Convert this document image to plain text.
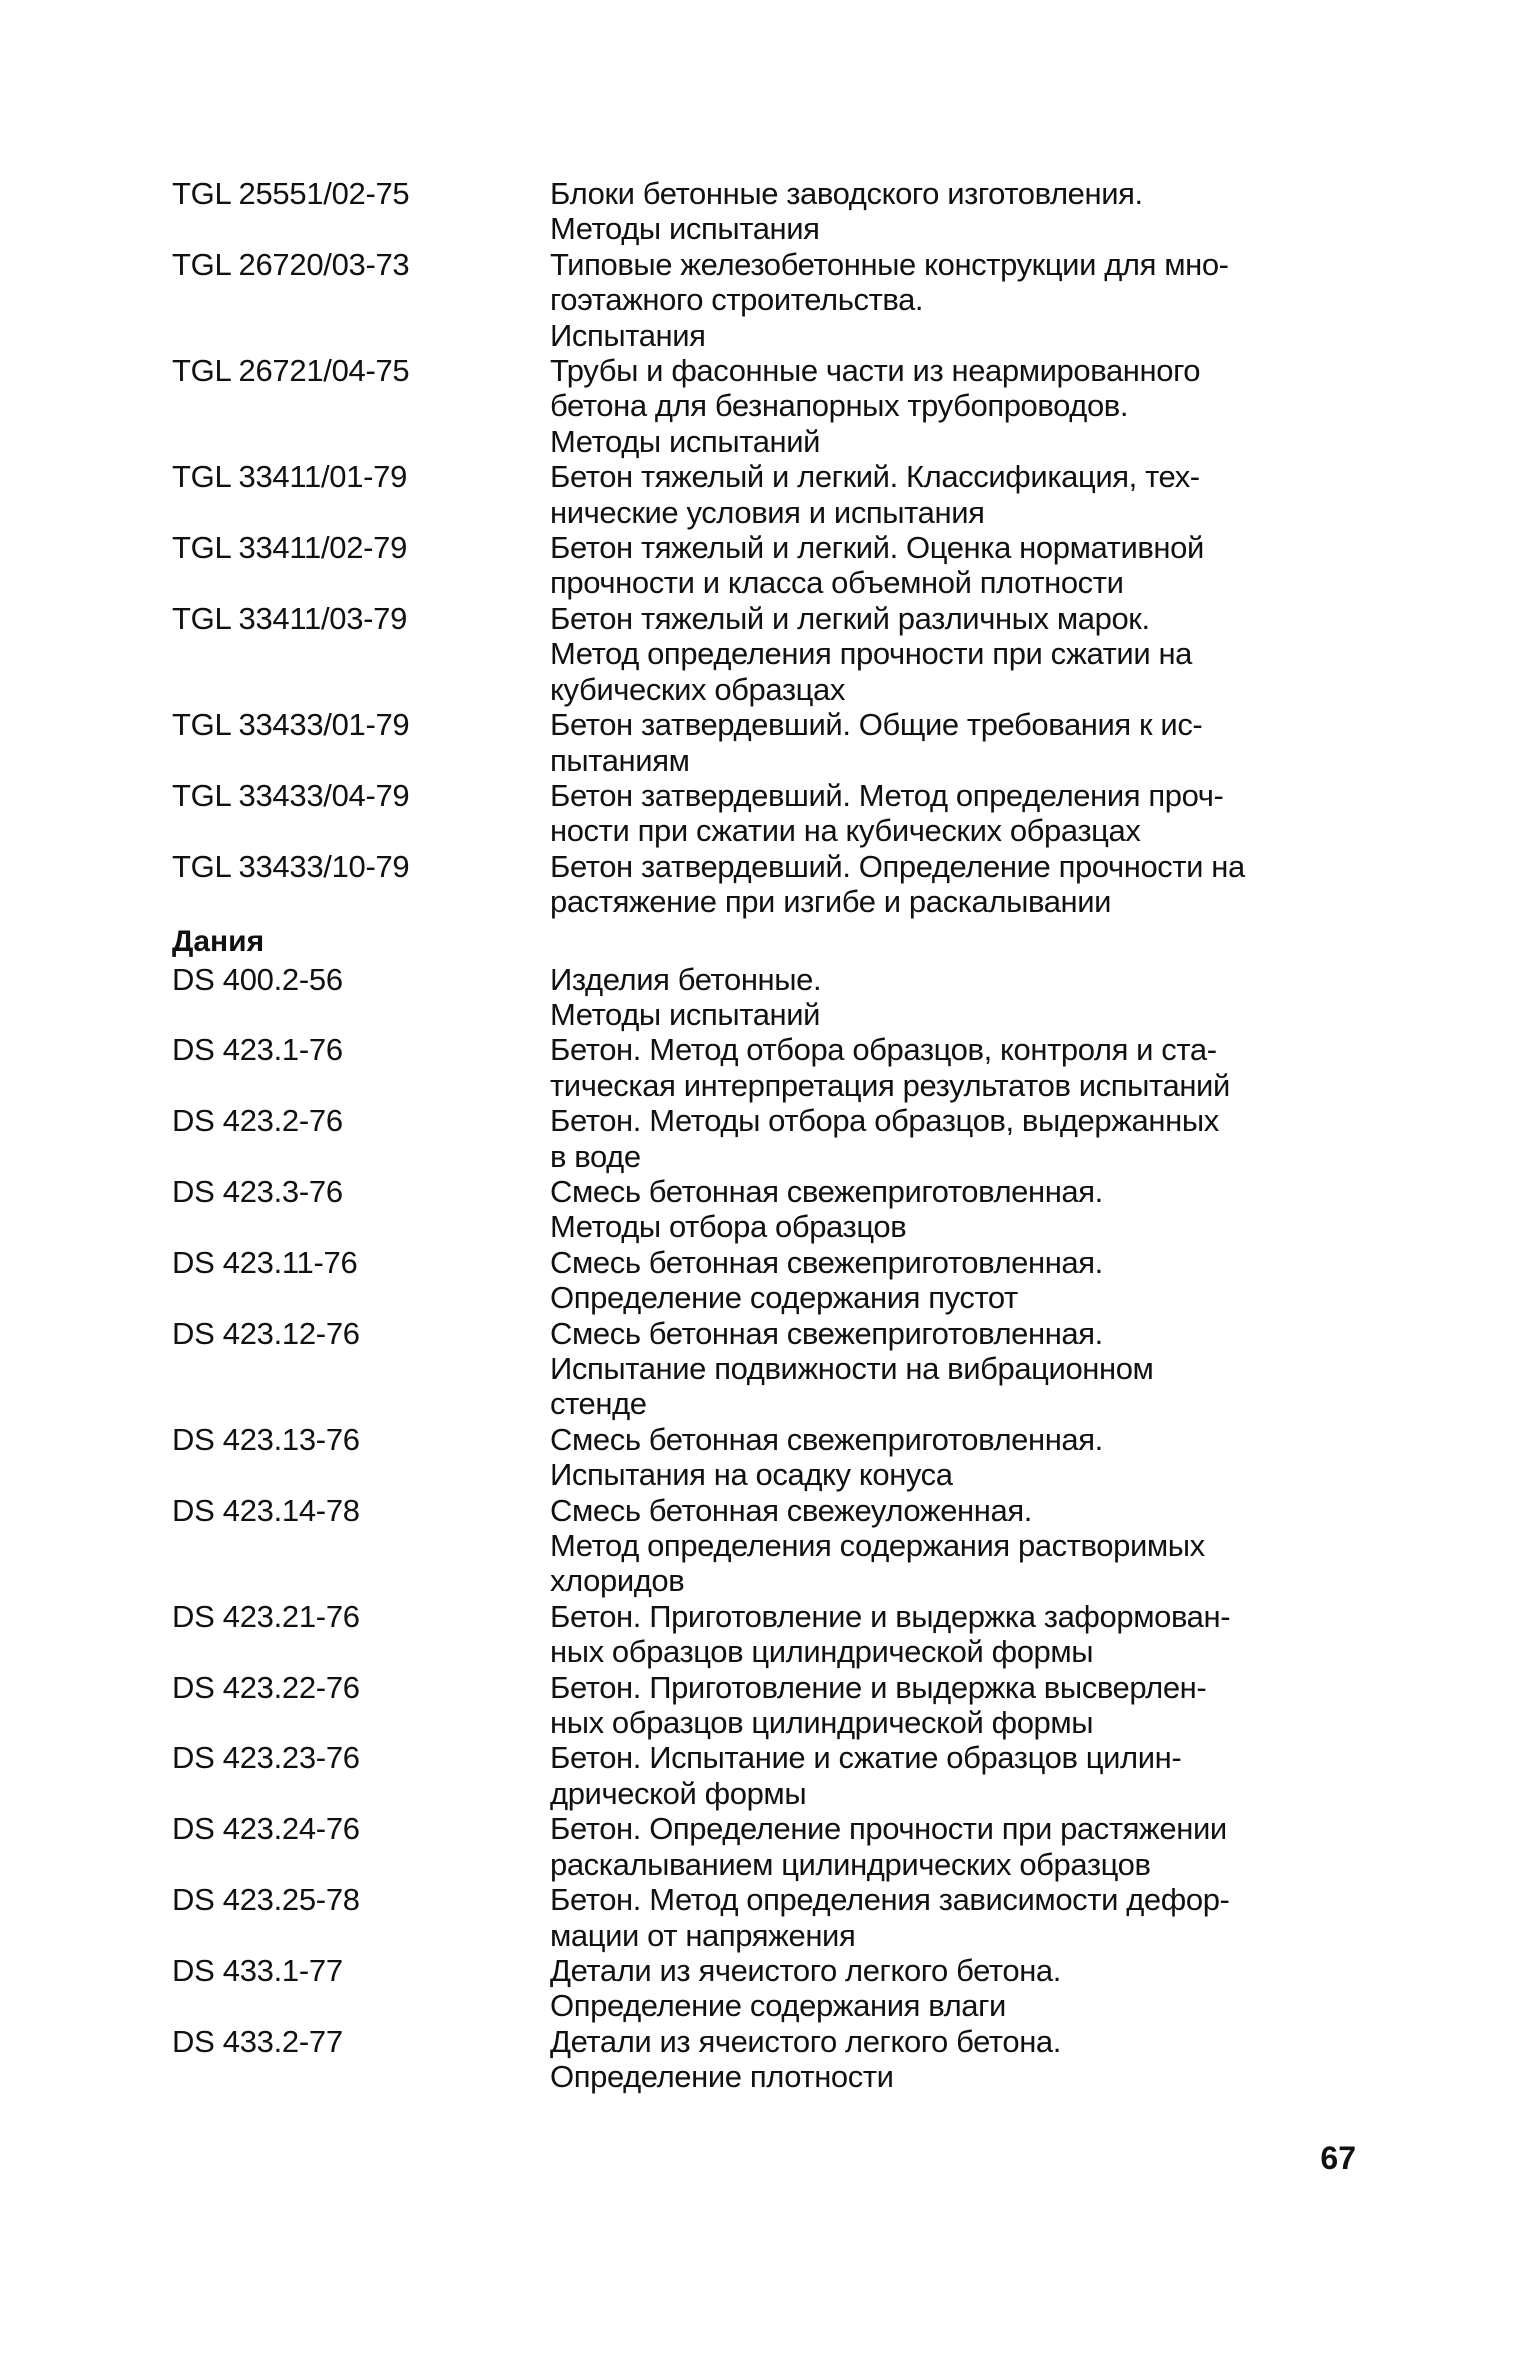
TGL 25551/02-75	Блоки бетонные заводского изготовления.
Методы испытания
TGL 26720/03-73	Типовые железобетонные конструкции для мно-
гоэтажного строительства.
Испытания
TGL 26721/04-75	Трубы и фасонные части из неармированного
бетона для безнапорных трубопроводов.
Методы испытаний
TGL 33411/01-79	Бетон тяжелый и легкий. Классификация, тех-
нические условия и испытания
TGL 33411/02-79	Бетон тяжелый и легкий. Оценка нормативной
прочности и класса объемной плотности
TGL 33411/03-79	Бетон тяжелый и легкий различных марок.
Метод определения прочности при сжатии на
кубических образцах
TGL 33433/01-79	Бетон затвердевший. Общие требования к ис-
пытаниям
TGL 33433/04-79	Бетон затвердевший. Метод определения проч-
ности при сжатии на кубических образцах
TGL 33433/10-79	Бетон затвердевший. Определение прочности на
растяжение при изгибе и раскалывании
Дания
DS 400.2-56	Изделия бетонные.
Методы испытаний
DS 423.1-76	Бетон. Метод отбора образцов, контроля и ста-
тическая интерпретация результатов испытаний
DS 423.2-76	Бетон. Методы отбора образцов, выдержанных
в воде
DS 423.3-76	Смесь бетонная свежеприготовленная.
Методы отбора образцов
DS 423.11-76	Смесь бетонная свежеприготовленная.
Определение содержания пустот
DS 423.12-76	Смесь бетонная свежеприготовленная.
Испытание подвижности на вибрационном
стенде
DS 423.13-76	Смесь бетонная свежеприготовленная.
Испытания на осадку конуса
DS 423.14-78	Смесь бетонная свежеуложенная.
Метод определения содержания растворимых
хлоридов
DS 423.21-76	Бетон. Приготовление и выдержка заформован-
ных образцов цилиндрической формы
DS 423.22-76	Бетон. Приготовление и выдержка высверлен-
ных образцов цилиндрической формы
DS 423.23-76	Бетон. Испытание и сжатие образцов цилин-
дрической формы
DS 423.24-76	Бетон. Определение прочности при растяжении
раскалыванием цилиндрических образцов
DS 423.25-78	Бетон. Метод определения зависимости дефор-
мации от напряжения
DS 433.1-77	Детали из ячеистого легкого бетона.
Определение содержания влаги
DS 433.2-77	Детали из ячеистого легкого бетона.
Определение плотности
67
